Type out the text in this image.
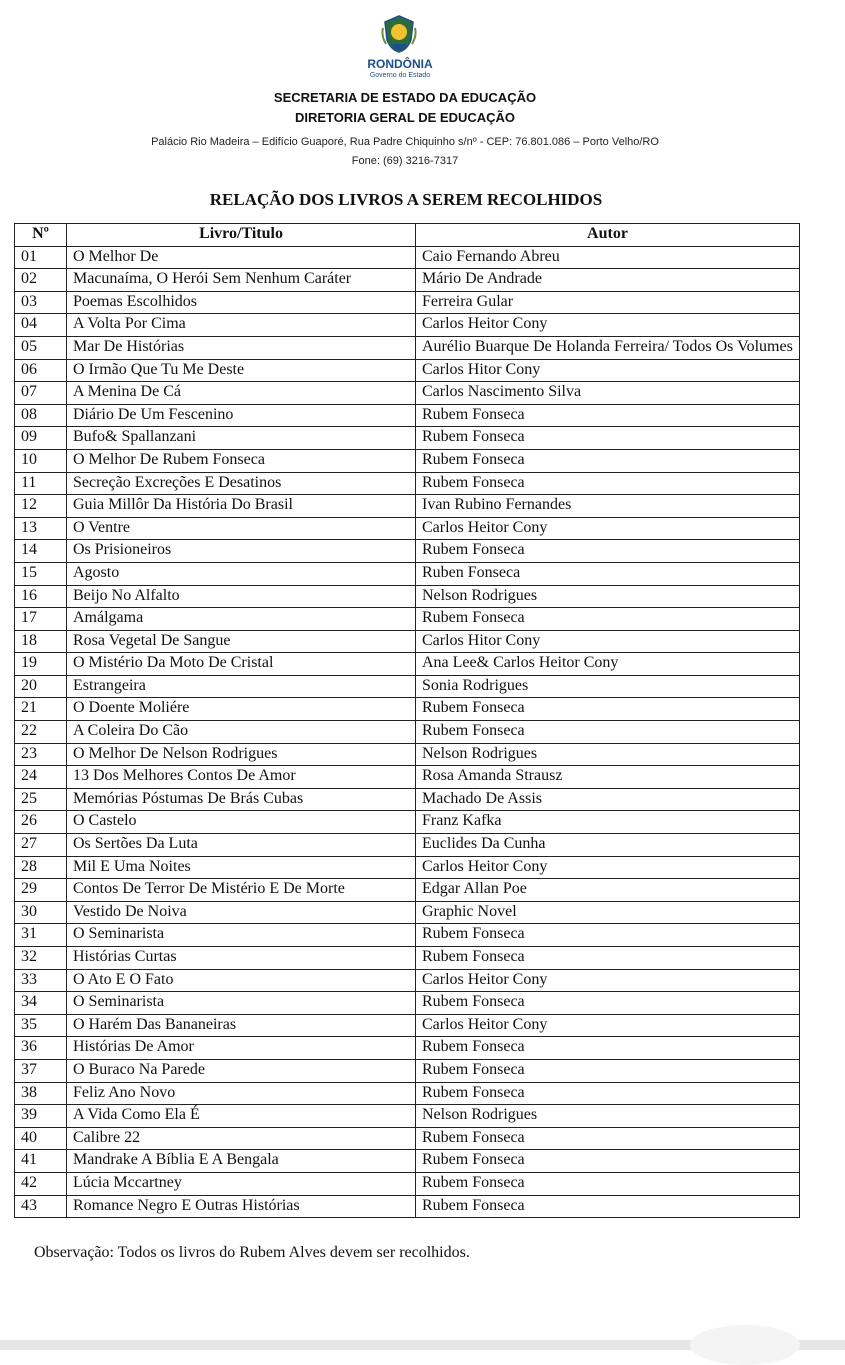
RONDÔNIA
Governo do Estado
SECRETARIA DE ESTADO DA EDUCAÇÃO
DIRETORIA GERAL DE EDUCAÇÃO
Palácio Rio Madeira – Edifício Guaporé, Rua Padre Chiquinho s/nº - CEP: 76.801.086 – Porto Velho/RO
Fone: (69) 3216-7317
RELAÇÃO DOS LIVROS A SEREM RECOLHIDOS
Nº	Livro/Titulo	Autor
01	O Melhor De	Caio Fernando Abreu
02	Macunaíma, O Herói Sem Nenhum Caráter	Mário De Andrade
03	Poemas Escolhidos	Ferreira Gular
04	A Volta Por Cima	Carlos Heitor Cony
05	Mar De Histórias	Aurélio Buarque De Holanda Ferreira/ Todos Os Volumes
06	O Irmão Que Tu Me Deste	Carlos Hitor Cony
07	A Menina De Cá	Carlos Nascimento Silva
08	Diário De Um Fescenino	Rubem Fonseca
09	Bufo& Spallanzani	Rubem Fonseca
10	O Melhor De Rubem Fonseca	Rubem Fonseca
11	Secreção Excreções E Desatinos	Rubem Fonseca
12	Guia Millôr Da História Do Brasil	Ivan Rubino Fernandes
13	O Ventre	Carlos Heitor Cony
14	Os Prisioneiros	Rubem Fonseca
15	Agosto	Ruben Fonseca
16	Beijo No Alfalto	Nelson Rodrigues
17	Amálgama	Rubem Fonseca
18	Rosa Vegetal De Sangue	Carlos Hitor Cony
19	O Mistério Da Moto De Cristal	Ana Lee& Carlos Heitor Cony
20	Estrangeira	Sonia Rodrigues
21	O Doente Moliére	Rubem Fonseca
22	A Coleira Do Cão	Rubem Fonseca
23	O Melhor De Nelson Rodrigues	Nelson Rodrigues
24	13 Dos Melhores Contos De Amor	Rosa Amanda Strausz
25	Memórias Póstumas De Brás Cubas	Machado De Assis
26	O Castelo	Franz Kafka
27	Os Sertões Da Luta	Euclides Da Cunha
28	Mil E Uma Noites	Carlos Heitor Cony
29	Contos De Terror De Mistério E De Morte	Edgar Allan Poe
30	Vestido De Noiva	Graphic Novel
31	O Seminarista	Rubem Fonseca
32	Histórias Curtas	Rubem Fonseca
33	O Ato E O Fato	Carlos Heitor Cony
34	O Seminarista	Rubem Fonseca
35	O Harém Das Bananeiras	Carlos Heitor Cony
36	Histórias De Amor	Rubem Fonseca
37	O Buraco Na Parede	Rubem Fonseca
38	Feliz Ano Novo	Rubem Fonseca
39	A Vida Como Ela É	Nelson Rodrigues
40	Calibre 22	Rubem Fonseca
41	Mandrake A Bíblia E A Bengala	Rubem Fonseca
42	Lúcia Mccartney	Rubem Fonseca
43	Romance Negro E Outras Histórias	Rubem Fonseca
Observação: Todos os livros do Rubem Alves devem ser recolhidos.
